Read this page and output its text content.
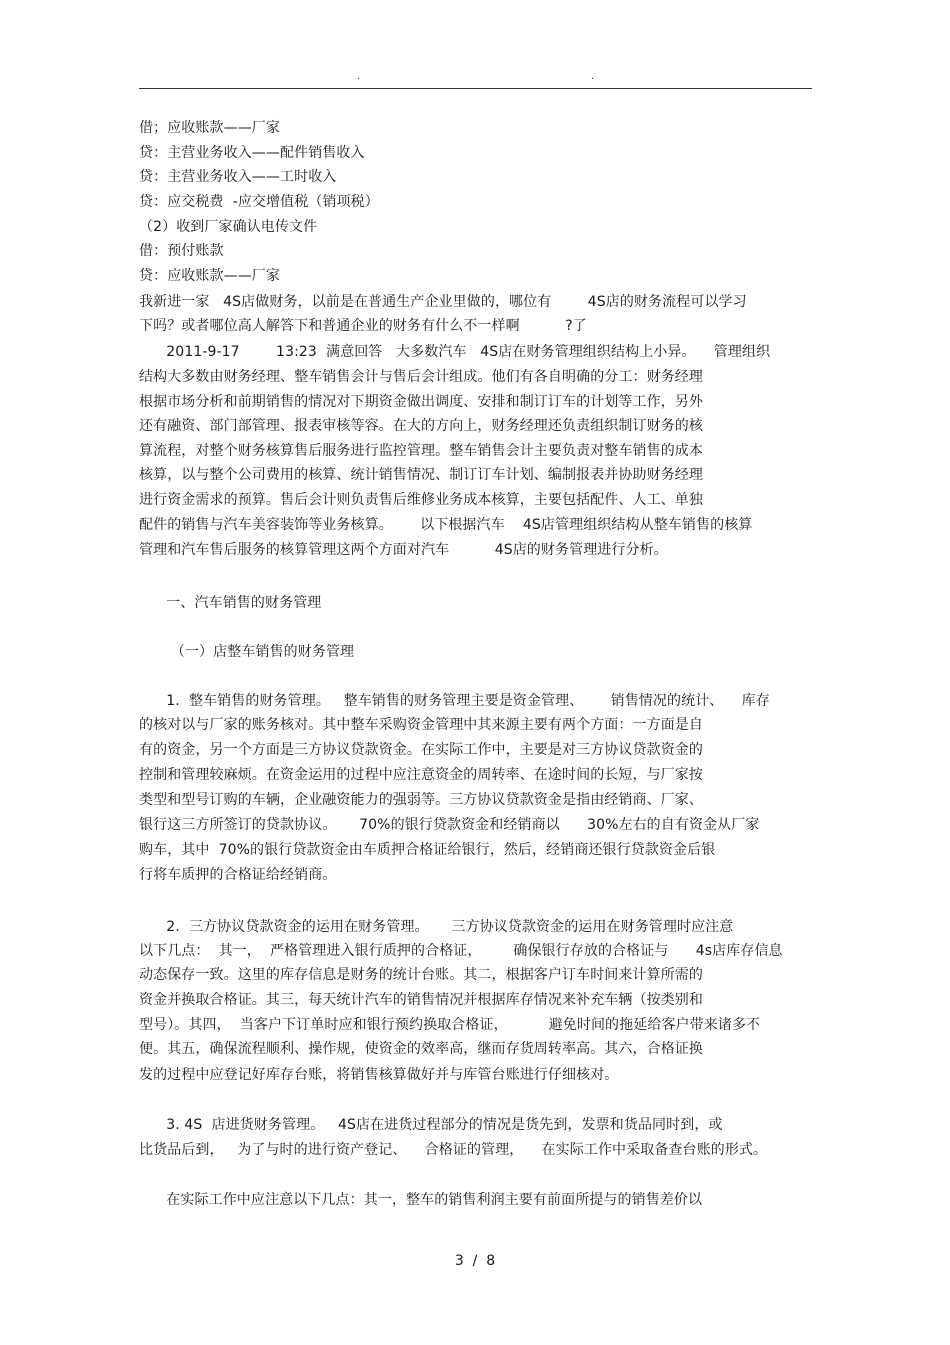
.	.
借；应收账款——厂家
贷：主营业务收入——配件销售收入
贷：主营业务收入——工时收入
贷：应交税费  -应交增值税（销项税）
（2）收到厂家确认电传文件
借：预付账款
贷：应收账款——厂家
我新进一家   4S店做财务，以前是在普通生产企业里做的，哪位有        4S店的财务流程可以学习
下吗？或者哪位高人解答下和普通企业的财务有什么不一样啊          ?了
2011-9-17        13:23  满意回答   大多数汽车   4S店在财务管理组织结构上小异。    管理组织
结构大多数由财务经理、整车销售会计与售后会计组成。他们有各自明确的分工：财务经理
根据市场分析和前期销售的情况对下期资金做出调度、安排和制订订车的计划等工作，另外
还有融资、部门部管理、报表审核等容。在大的方向上，财务经理还负责组织制订财务的核
算流程，对整个财务核算售后服务进行监控管理。整车销售会计主要负责对整车销售的成本
核算，以与整个公司费用的核算、统计销售情况、制订订车计划、编制报表并协助财务经理
进行资金需求的预算。售后会计则负责售后维修业务成本核算，主要包括配件、人工、单独
配件的销售与汽车美容装饰等业务核算。      以下根据汽车    4S店管理组织结构从整车销售的核算
管理和汽车售后服务的核算管理这两个方面对汽车          4S店的财务管理进行分析。
一、汽车销售的财务管理
（一）店整车销售的财务管理
1.  整车销售的财务管理。   整车销售的财务管理主要是资金管理、      销售情况的统计、    库存
的核对以与厂家的账务核对。其中整车采购资金管理中其来源主要有两个方面：一方面是自
有的资金，另一个方面是三方协议贷款资金。在实际工作中，主要是对三方协议贷款资金的
控制和管理较麻烦。在资金运用的过程中应注意资金的周转率、在途时间的长短，与厂家按
类型和型号订购的车辆，企业融资能力的强弱等。三方协议贷款资金是指由经销商、厂家、
银行这三方所签订的贷款协议。     70%的银行贷款资金和经销商以      30%左右的自有资金从厂家
购车，其中  70%的银行贷款资金由车质押合格证给银行，然后，经销商还银行贷款资金后银
行将车质押的合格证给经销商。
2.  三方协议贷款资金的运用在财务管理。     三方协议贷款资金的运用在财务管理时应注意
以下几点：  其一，  严格管理进入银行质押的合格证，       确保银行存放的合格证与      4s店库存信息
动态保存一致。这里的库存信息是财务的统计台账。其二，根据客户订车时间来计算所需的
资金并换取合格证。其三，每天统计汽车的销售情况并根据库存情况来补充车辆（按类别和
型号）。其四，  当客户下订单时应和银行预约换取合格证，         避免时间的拖延给客户带来诸多不
便。其五，确保流程顺利、操作规，使资金的效率高，继而存货周转率高。其六，合格证换
发的过程中应登记好库存台账，将销售核算做好并与库管台账进行仔细核对。
3. 4S  店进货财务管理。   4S店在进货过程部分的情况是货先到，发票和货品同时到，或
比货品后到，   为了与时的进行资产登记、    合格证的管理，    在实际工作中采取备查台账的形式。
在实际工作中应注意以下几点：其一，整车的销售利润主要有前面所提与的销售差价以
3  /  8
